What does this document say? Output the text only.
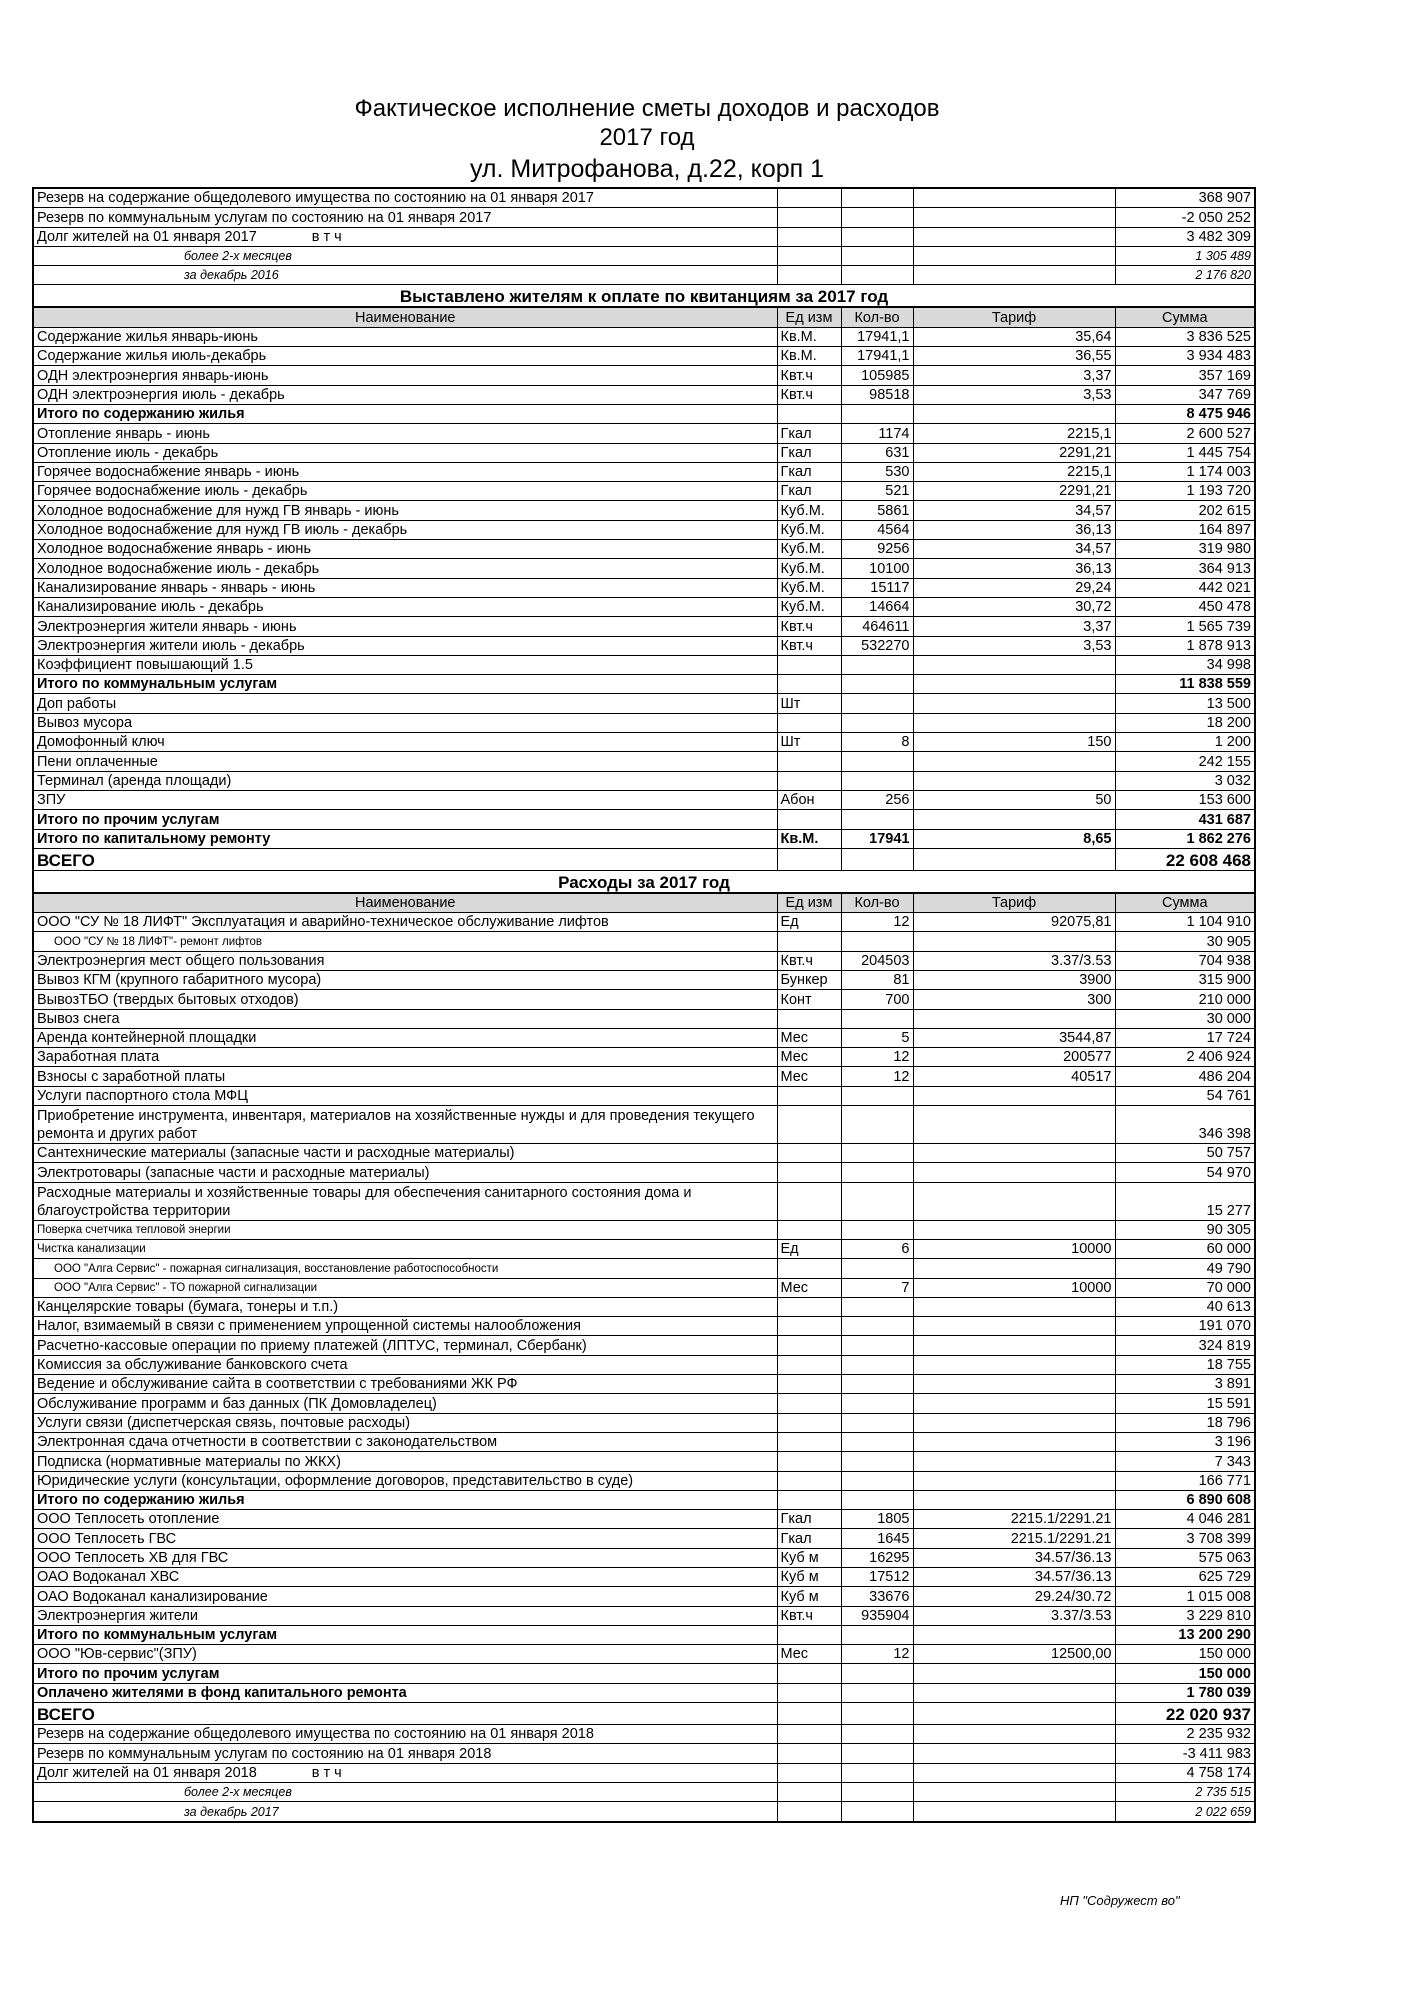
Фактическое исполнение сметы доходов и расходов
2017 год
ул. Митрофанова, д.22, корп 1
Резерв на содержание общедолевого имущества по состоянию на 01 января 2017				368 907
Резерв по коммунальным услугам по состоянию на 01 января 2017				-2 050 252
Долг жителей на 01 января 2017 в т ч				3 482 309
более 2-х месяцев				1 305 489
за декабрь 2016				2 176 820
Выставлено жителям к оплате по квитанциям за 2017 год				
Наименование	Ед изм	Кол-во	Тариф	Сумма
Содержание жилья январь-июнь	Кв.М.	17941,1	35,64	3 836 525
Содержание жилья июль-декабрь	Кв.М.	17941,1	36,55	3 934 483
ОДН электроэнергия январь-июнь	Квт.ч	105985	3,37	357 169
ОДН электроэнергия июль - декабрь	Квт.ч	98518	3,53	347 769
Итого по содержанию жилья				8 475 946
Отопление январь - июнь	Гкал	1174	2215,1	2 600 527
Отопление июль - декабрь	Гкал	631	2291,21	1 445 754
Горячее водоснабжение январь - июнь	Гкал	530	2215,1	1 174 003
Горячее водоснабжение июль - декабрь	Гкал	521	2291,21	1 193 720
Холодное водоснабжение для нужд ГВ январь - июнь	Куб.М.	5861	34,57	202 615
Холодное водоснабжение для нужд ГВ июль - декабрь	Куб.М.	4564	36,13	164 897
Холодное водоснабжение январь - июнь	Куб.М.	9256	34,57	319 980
Холодное водоснабжение июль - декабрь	Куб.М.	10100	36,13	364 913
Канализирование январь - январь - июнь	Куб.М.	15117	29,24	442 021
Канализирование июль - декабрь	Куб.М.	14664	30,72	450 478
Электроэнергия жители январь - июнь	Квт.ч	464611	3,37	1 565 739
Электроэнергия жители июль - декабрь	Квт.ч	532270	3,53	1 878 913
Коэффициент повышающий 1.5				34 998
Итого по коммунальным услугам				11 838 559
Доп работы	Шт			13 500
Вывоз мусора				18 200
Домофонный ключ	Шт	8	150	1 200
Пени оплаченные				242 155
Терминал (аренда площади)				3 032
ЗПУ	Абон	256	50	153 600
Итого по прочим услугам				431 687
Итого по капитальному ремонту	Кв.М.	17941	8,65	1 862 276
ВСЕГО				22 608 468
Расходы за 2017 год				
Наименование	Ед изм	Кол-во	Тариф	Сумма
ООО "СУ № 18 ЛИФТ" Эксплуатация и аварийно-техническое обслуживание лифтов	Ед	12	92075,81	1 104 910
ООО "СУ № 18 ЛИФТ"- ремонт лифтов				30 905
Электроэнергия мест общего пользования	Квт.ч	204503	3.37/3.53	704 938
Вывоз КГМ (крупного габаритного мусора)	Бункер	81	3900	315 900
ВывозТБО (твердых бытовых отходов)	Конт	700	300	210 000
Вывоз снега				30 000
Аренда контейнерной площадки	Мес	5	3544,87	17 724
Заработная плата	Мес	12	200577	2 406 924
Взносы с заработной платы	Мес	12	40517	486 204
Услуги паспортного стола МФЦ				54 761
Приобретение инструмента, инвентаря, материалов на хозяйственные нужды и для проведения текущего ремонта и других работ				346 398
Сантехнические материалы (запасные части и расходные материалы)				50 757
Электротовары (запасные части и расходные материалы)				54 970
Расходные материалы и хозяйственные товары для обеспечения санитарного состояния дома и благоустройства территории				15 277
Поверка счетчика тепловой энергии				90 305
Чистка канализации	Ед	6	10000	60 000
ООО "Алга Сервис" - пожарная сигнализация, восстановление работоспособности				49 790
ООО "Алга Сервис" - ТО пожарной сигнализации	Мес	7	10000	70 000
Канцелярские товары (бумага, тонеры и т.п.)				40 613
Налог, взимаемый в связи с применением упрощенной системы налообложения				191 070
Расчетно-кассовые операции по приему платежей (ЛПТУС, терминал, Сбербанк)				324 819
Комиссия за обслуживание банковского счета				18 755
Ведение и обслуживание сайта в соответствии с требованиями ЖК РФ				3 891
Обслуживание программ и баз данных (ПК Домовладелец)				15 591
Услуги связи (диспетчерская связь, почтовые расходы)				18 796
Электронная сдача отчетности в соответствии с законодательством				3 196
Подписка (нормативные материалы по ЖКХ)				7 343
Юридические услуги (консультации, оформление договоров, представительство в суде)				166 771
Итого по содержанию жилья				6 890 608
ООО Теплосеть отопление	Гкал	1805	2215.1/2291.21	4 046 281
ООО Теплосеть ГВС	Гкал	1645	2215.1/2291.21	3 708 399
ООО Теплосеть ХВ для ГВС	Куб м	16295	34.57/36.13	575 063
ОАО Водоканал ХВС	Куб м	17512	34.57/36.13	625 729
ОАО Водоканал канализирование	Куб м	33676	29.24/30.72	1 015 008
Электроэнергия жители	Квт.ч	935904	3.37/3.53	3 229 810
Итого по коммунальным услугам				13 200 290
ООО "Юв-сервис"(ЗПУ)	Мес	12	12500,00	150 000
Итого по прочим услугам				150 000
Оплачено жителями в фонд капитального ремонта				1 780 039
ВСЕГО				22 020 937
Резерв на содержание общедолевого имущества по состоянию на 01 января 2018				2 235 932
Резерв по коммунальным услугам по состоянию на 01 января 2018				-3 411 983
Долг жителей на 01 января 2018 в т ч				4 758 174
более 2-х месяцев				2 735 515
за декабрь 2017				2 022 659
НП "Содружест во"
